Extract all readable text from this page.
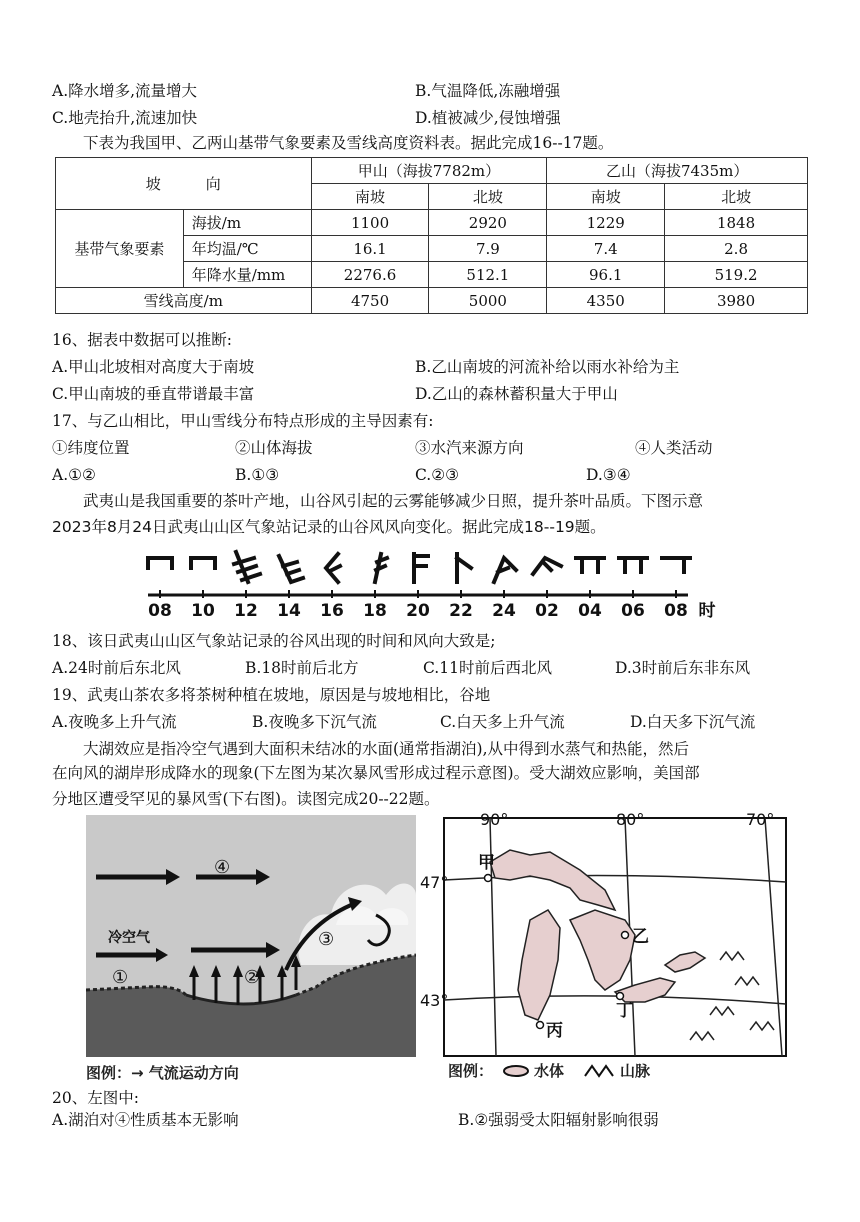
A.降水增多,流量增大	B.气温降低,冻融增强
C.地壳抬升,流速加快	D.植被减少,侵蚀增强
下表为我国甲、乙两山基带气象要素及雪线高度资料表。据此完成16--17题。
坡　　　向		甲山（海拔7782m）		乙山（海拔7435m）	
		南坡	北坡	南坡	北坡
基带气象要素	海拔/m	1100	2920	1229	1848
	年均温/℃	16.1	7.9	7.4	2.8
	年降水量/mm	2276.6	512.1	96.1	519.2
雪线高度/m		4750	5000	4350	3980
16、据表中数据可以推断:
A.甲山北坡相对高度大于南坡	B.乙山南坡的河流补给以雨水补给为主
C.甲山南坡的垂直带谱最丰富	D.乙山的森林蓄积量大于甲山
17、与乙山相比，甲山雪线分布特点形成的主导因素有:
①纬度位置	②山体海拔	③水汽来源方向	④人类活动
A.①②	B.①③	C.②③	D.③④
武夷山是我国重要的茶叶产地，山谷风引起的云雾能够减少日照，提升茶叶品质。下图示意
2023年8月24日武夷山山区气象站记录的山谷风风向变化。据此完成18--19题。
08 10 12 14 16 18 20 22 24 02 04 06 08 时
18、该日武夷山山区气象站记录的谷风出现的时间和风向大致是;
A.24时前后东北风	B.18时前后北方	C.11时前后西北风	D.3时前后东非东风
19、武夷山茶农多将茶树种植在坡地，原因是与坡地相比，谷地
A.夜晚多上升气流	B.夜晚多下沉气流	C.白天多上升气流	D.白天多下沉气流
大湖效应是指冷空气遇到大面积未结冰的水面(通常指湖泊),从中得到水蒸气和热能，然后
在向风的湖岸形成降水的现象(下左图为某次暴风雪形成过程示意图)。受大湖效应影响，美国部
分地区遭受罕见的暴风雪(下右图)。读图完成20--22题。
冷空气
①	②
③
④
图例：→ 气流运动方向
90°	80°	70°
47°
43°
甲
乙
丙
丁
图例：	水体	山脉
20、左图中:
A.湖泊对④性质基本无影响	B.②强弱受太阳辐射影响很弱
